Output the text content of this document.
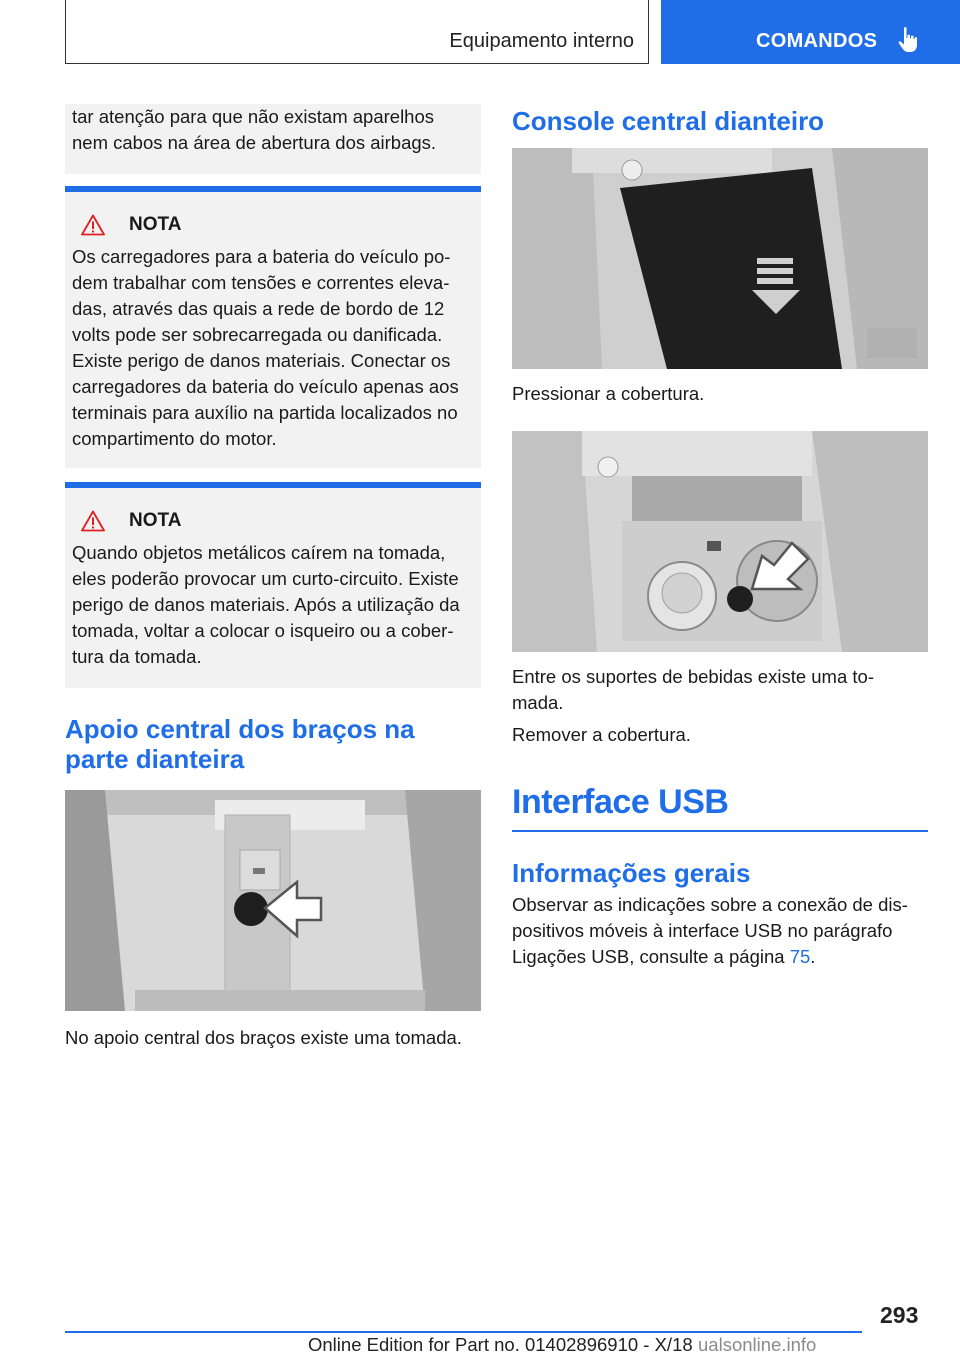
Equipamento interno	COMANDOS

tar atenção para que não existam aparelhos nem cabos na área de abertura dos airbags.

NOTA

Os carregadores para a bateria do veículo podem trabalhar com tensões e correntes elevadas, através das quais a rede de bordo de 12 volts pode ser sobrecarregada ou danificada. Existe perigo de danos materiais. Conectar os carregadores da bateria do veículo apenas aos terminais para auxílio na partida localizados no compartimento do motor.

NOTA

Quando objetos metálicos caírem na tomada, eles poderão provocar um curto-circuito. Existe perigo de danos materiais. Após a utilização da tomada, voltar a colocar o isqueiro ou a cobertura da tomada.

Apoio central dos braços na parte dianteira

No apoio central dos braços existe uma tomada.

Console central dianteiro

Pressionar a cobertura.

Entre os suportes de bebidas existe uma tomada.

Remover a cobertura.

Interface USB
Informações gerais

Observar as indicações sobre a conexão de dispositivos móveis à interface USB no parágrafo Ligações USB, consulte a página 75.

293
Online Edition for Part no. 01402896910 - X/18 ualsonline.info
